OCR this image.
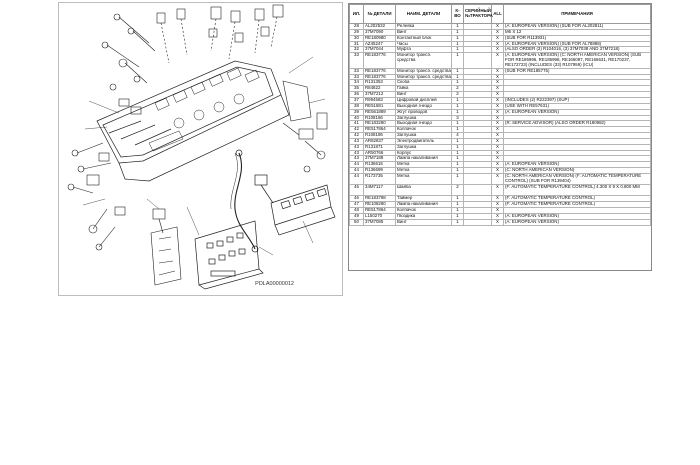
PDLA00000012
ИЛ.	№ ДЕТАЛИ	НАИМ. ДЕТАЛИ	К-ВО	СЕРИЙНЫЙ №ТРАКТОРА	ALL	ПРИМЕЧАНИЯ
28	AL202532	Рeлейка	1		X	(A: EUROPEAN VERSION) (SUB FOR AL202811)
29	37M7090	Винт	1		X	M6 X 12
30	RE180980	Контактный блок	1		X	(SUB FOR R113931)
31	AZ45247	Часы	1		X	(A: EUROPEAN VERSION) (SUB FOR AL78888)
32	37M7044	Муфта	1		X	(ALSO ORDER (3) R104016, (3) 37M7038 AND 37M7218)
33	RE183776	Монитор трансп. средства	1		X	(A: EUROPEAN VERSION) (C: NORTH AMERICAN VERSION) (SUB FOR RE185996, RE185998, RE166097, RE166631, RE170237, RE172723) (INCLUDES (33) R107959) (ICU)
33	RE183776	Монитор трансп. средства	1		X	(SUB FOR RE185775)
33	RE183776	Монитор трансп. средства	1		X	
34	R131353	Скоба	1		X	
35	R84822	Гайка	2		X	
36	37M7212	Винт	2		X	
37	R994583	Цифровой дисплей	1		X	(INCLUDES (2) R222397) (SUP)
38	RE51881	Выходная гнездо	1		X	(USE WITH RE57631)
39	RE561889	Жгут проводов	1		X	(A: EUROPEAN VERSION)
40	R108186	Заглушка	3		X	
41	RE183280	Выходная гнездо	1		X	(R: SERVICE ADVISOR) (ALSO ORDER R180982)
42	RE517864	Колпачок	1		X	
42	R108186	Заглушка	4		X	
43	AR82837	Электродвигатель	1		X	
43	R131871	Заглушка	1		X	
43	AR50766	Корпус	1		X	
43	37M7188	Лампа накаливания	1		X	
44	R136615	Метка	1		X	(A: EUROPEAN VERSION)
44	R136699	Метка	1		X	(C: NORTH AMERICAN VERSION)
44	R173735	Метка	1		X	(C: NORTH AMERICAN VERSION) (F: AUTOMATIC TEMPERATURE CONTROL) (SUB FOR R139404)
45	34M7117	Шайба	2		X	(F: AUTOMATIC TEMPERATURE CONTROL) 4.300 X 9 X 0.800 MM
46	RE183798	Таймер	1		X	(F: AUTOMATIC TEMPERATURE CONTROL)
47	RE108280	Лампа накаливания	1		X	(F: AUTOMATIC TEMPERATURE CONTROL)
48	RE517864	Колпачок	1		X	
49	L150270	Гвоздика	1		X	(A: EUROPEAN VERSION)
50	37M7085	Винт	1		X	(A: EUROPEAN VERSION)
